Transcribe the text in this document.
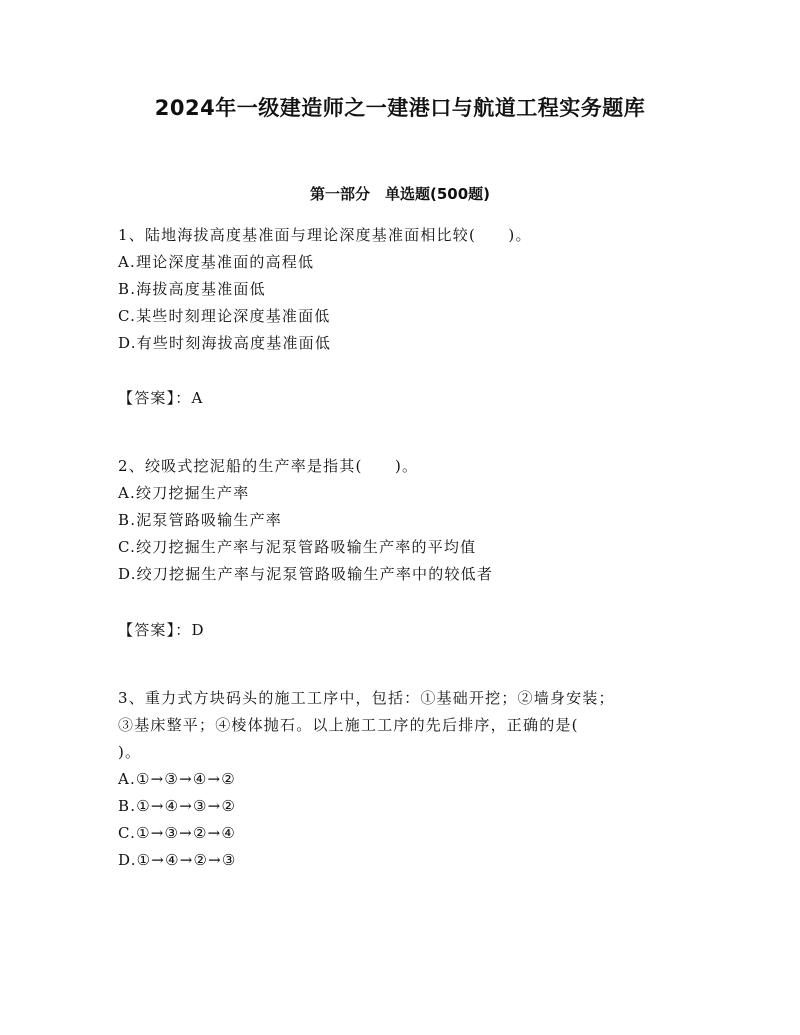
2024年一级建造师之一建港口与航道工程实务题库
第一部分　单选题(500题)
1、陆地海拔高度基准面与理论深度基准面相比较(　　)。
A.理论深度基准面的高程低
B.海拔高度基准面低
C.某些时刻理论深度基准面低
D.有些时刻海拔高度基准面低
【答案】：A
2、绞吸式挖泥船的生产率是指其(　　)。
A.绞刀挖掘生产率
B.泥泵管路吸输生产率
C.绞刀挖掘生产率与泥泵管路吸输生产率的平均值
D.绞刀挖掘生产率与泥泵管路吸输生产率中的较低者
【答案】：D
3、重力式方块码头的施工工序中，包括：①基础开挖；②墙身安装；
③基床整平；④棱体抛石。以上施工工序的先后排序，正确的是(
)。
A.①→③→④→②
B.①→④→③→②
C.①→③→②→④
D.①→④→②→③
